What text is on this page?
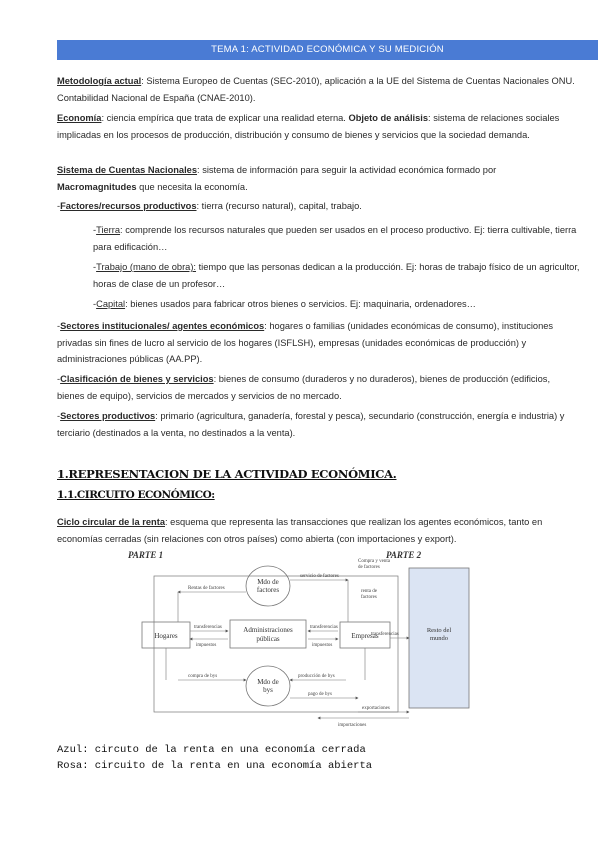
TEMA 1: ACTIVIDAD ECONÓMICA Y SU MEDICIÓN
Metodología actual: Sistema Europeo de Cuentas (SEC-2010), aplicación a la UE del Sistema de Cuentas Nacionales ONU. Contabilidad Nacional de España (CNAE-2010).
Economía: ciencia empírica que trata de explicar una realidad eterna. Objeto de análisis: sistema de relaciones sociales implicadas en los procesos de producción, distribución y consumo de bienes y servicios que la sociedad demanda.
Sistema de Cuentas Nacionales: sistema de información para seguir la actividad económica formado por Macromagnitudes que necesita la economía.
-Factores/recursos productivos: tierra (recurso natural), capital, trabajo.
-Tierra: comprende los recursos naturales que pueden ser usados en el proceso productivo. Ej: tierra cultivable, tierra para edificación…
-Trabajo (mano de obra): tiempo que las personas dedican a la producción. Ej: horas de trabajo físico de un agricultor, horas de clase de un profesor…
-Capital: bienes usados para fabricar otros bienes o servicios. Ej: maquinaria, ordenadores…
-Sectores institucionales/ agentes económicos: hogares o familias (unidades económicas de consumo), instituciones privadas sin fines de lucro al servicio de los hogares (ISFLSH), empresas (unidades económicas de producción) y administraciones públicas (AA.PP).
-Clasificación de bienes y servicios: bienes de consumo (duraderos y no duraderos), bienes de producción (edificios, bienes de equipo), servicios de mercados y servicios de no mercado.
-Sectores productivos: primario (agricultura, ganadería, forestal y pesca), secundario (construcción, energía e industria) y terciario (destinados a la venta, no destinados a la venta).
1.REPRESENTACION DE LA ACTIVIDAD ECONÓMICA.
1.1.CIRCUITO ECONÓMICO:
Ciclo circular de la renta: esquema que representa las transacciones que realizan los agentes económicos, tanto en economías cerradas (sin relaciones con otros países) como abierta (con importaciones y export).
PARTE 1	PARTE 2
Resto del
mundo
Mdo de
factores
Hogares
Administraciones
públicas	Empresas
Mdo de
bys
Rentas de factores
servicio de factores
Compra y venta
de factores
renta de
factores
transferencias
impuestos
transferencias
impuestos
transferencias
compra de bys	producción de bys
pago de bys
exportaciones
importaciones
Azul: circuto de la renta en una economía cerrada
Rosa: circuito de la renta en una economía abierta
